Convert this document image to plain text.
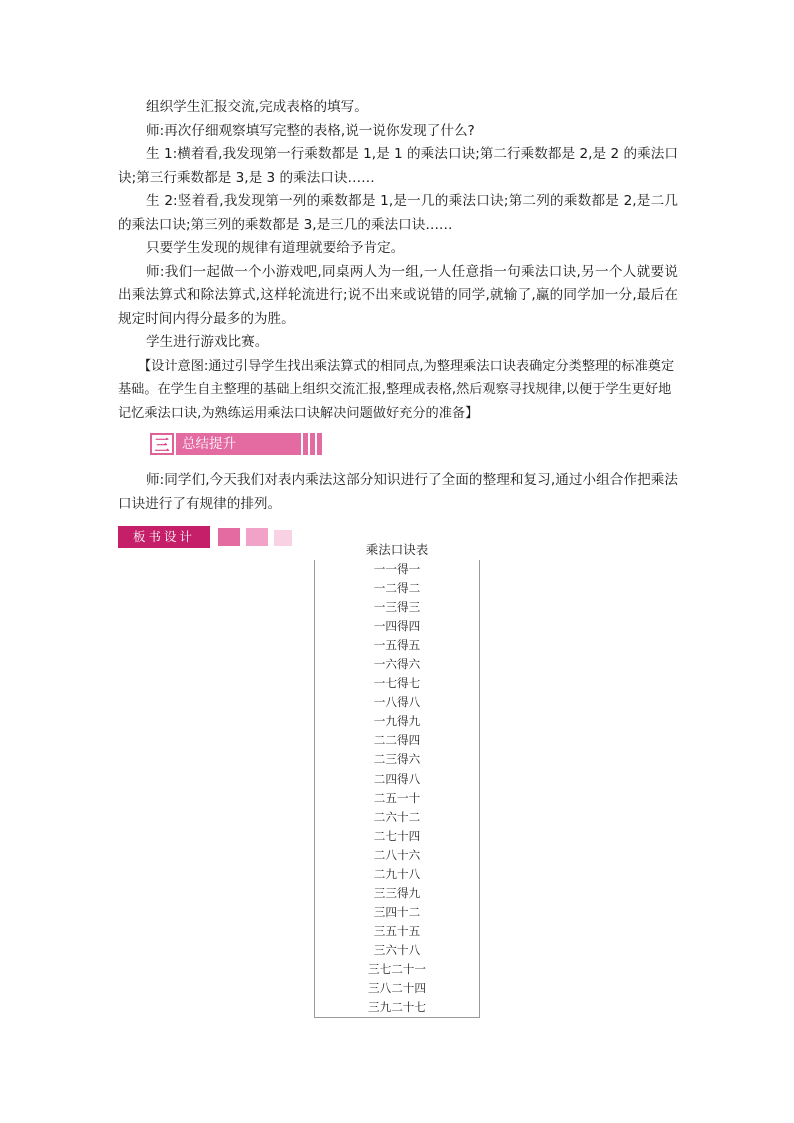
组织学生汇报交流,完成表格的填写。

师:再次仔细观察填写完整的表格,说一说你发现了什么?

生 1:横着看,我发现第一行乘数都是 1,是 1 的乘法口诀;第二行乘数都是 2,是 2 的乘法口诀;第三行乘数都是 3,是 3 的乘法口诀……

生 2:竖着看,我发现第一列的乘数都是 1,是一几的乘法口诀;第二列的乘数都是 2,是二几的乘法口诀;第三列的乘数都是 3,是三几的乘法口诀……

只要学生发现的规律有道理就要给予肯定。

师:我们一起做一个小游戏吧,同桌两人为一组,一人任意指一句乘法口诀,另一个人就要说出乘法算式和除法算式,这样轮流进行;说不出来或说错的同学,就输了,赢的同学加一分,最后在规定时间内得分最多的为胜。

学生进行游戏比赛。

【设计意图:通过引导学生找出乘法算式的相同点,为整理乘法口诀表确定分类整理的标准奠定基础。在学生自主整理的基础上组织交流汇报,整理成表格,然后观察寻找规律,以便于学生更好地记忆乘法口诀,为熟练运用乘法口诀解决问题做好充分的准备】

三 总结提升

师:同学们,今天我们对表内乘法这部分知识进行了全面的整理和复习,通过小组合作把乘法口诀进行了有规律的排列。

板书设计
乘法口诀表
一一得一
一二得二
一三得三
一四得四
一五得五
一六得六
一七得七
一八得八
一九得九
二二得四
二三得六
二四得八
二五一十
二六十二
二七十四
二八十六
二九十八
三三得九
三四十二
三五十五
三六十八
三七二十一
三八二十四
三九二十七
